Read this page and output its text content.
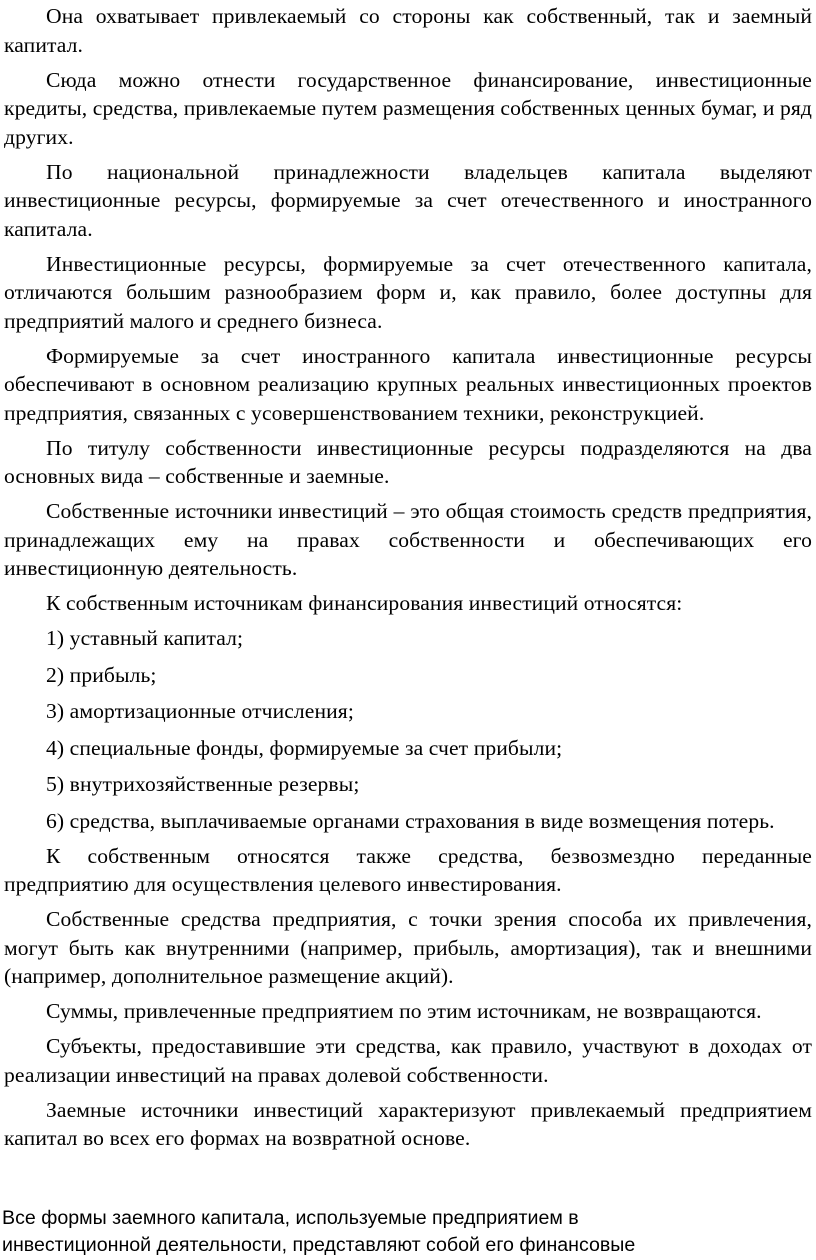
Она охватывает привлекаемый со стороны как собственный, так и заемный капитал.

Сюда можно отнести государственное финансирование, инвестиционные кредиты, средства, привлекаемые путем размещения собственных ценных бумаг, и ряд других.

По национальной принадлежности владельцев капитала выделяют инвестиционные ресурсы, формируемые за счет отечественного и иностранного капитала.

Инвестиционные ресурсы, формируемые за счет отечественного капитала, отличаются большим разнообразием форм и, как правило, более доступны для предприятий малого и среднего бизнеса.

Формируемые за счет иностранного капитала инвестиционные ресурсы обеспечивают в основном реализацию крупных реальных инвестиционных проектов предприятия, связанных с усовершенствованием техники, реконструкцией.

По титулу собственности инвестиционные ресурсы подразделяются на два основных вида – собственные и заемные.

Собственные источники инвестиций – это общая стоимость средств предприятия, принадлежащих ему на правах собственности и обеспечивающих его инвестиционную деятельность.

К собственным источникам финансирования инвестиций относятся:

1) уставный капитал;

2) прибыль;

3) амортизационные отчисления;

4) специальные фонды, формируемые за счет прибыли;

5) внутрихозяйственные резервы;

6) средства, выплачиваемые органами страхования в виде возмещения потерь.

К собственным относятся также средства, безвозмездно переданные предприятию для осуществления целевого инвестирования.

Собственные средства предприятия, с точки зрения способа их привлечения, могут быть как внутренними (например, прибыль, амортизация), так и внешними (например, дополнительное размещение акций).

Суммы, привлеченные предприятием по этим источникам, не возвращаются.

Субъекты, предоставившие эти средства, как правило, участвуют в доходах от реализации инвестиций на правах долевой собственности.

Заемные источники инвестиций характеризуют привлекаемый предприятием капитал во всех его формах на возвратной основе.

Все формы заемного капитала, используемые предприятием в
инвестиционной деятельности, представляют собой его финансовые
